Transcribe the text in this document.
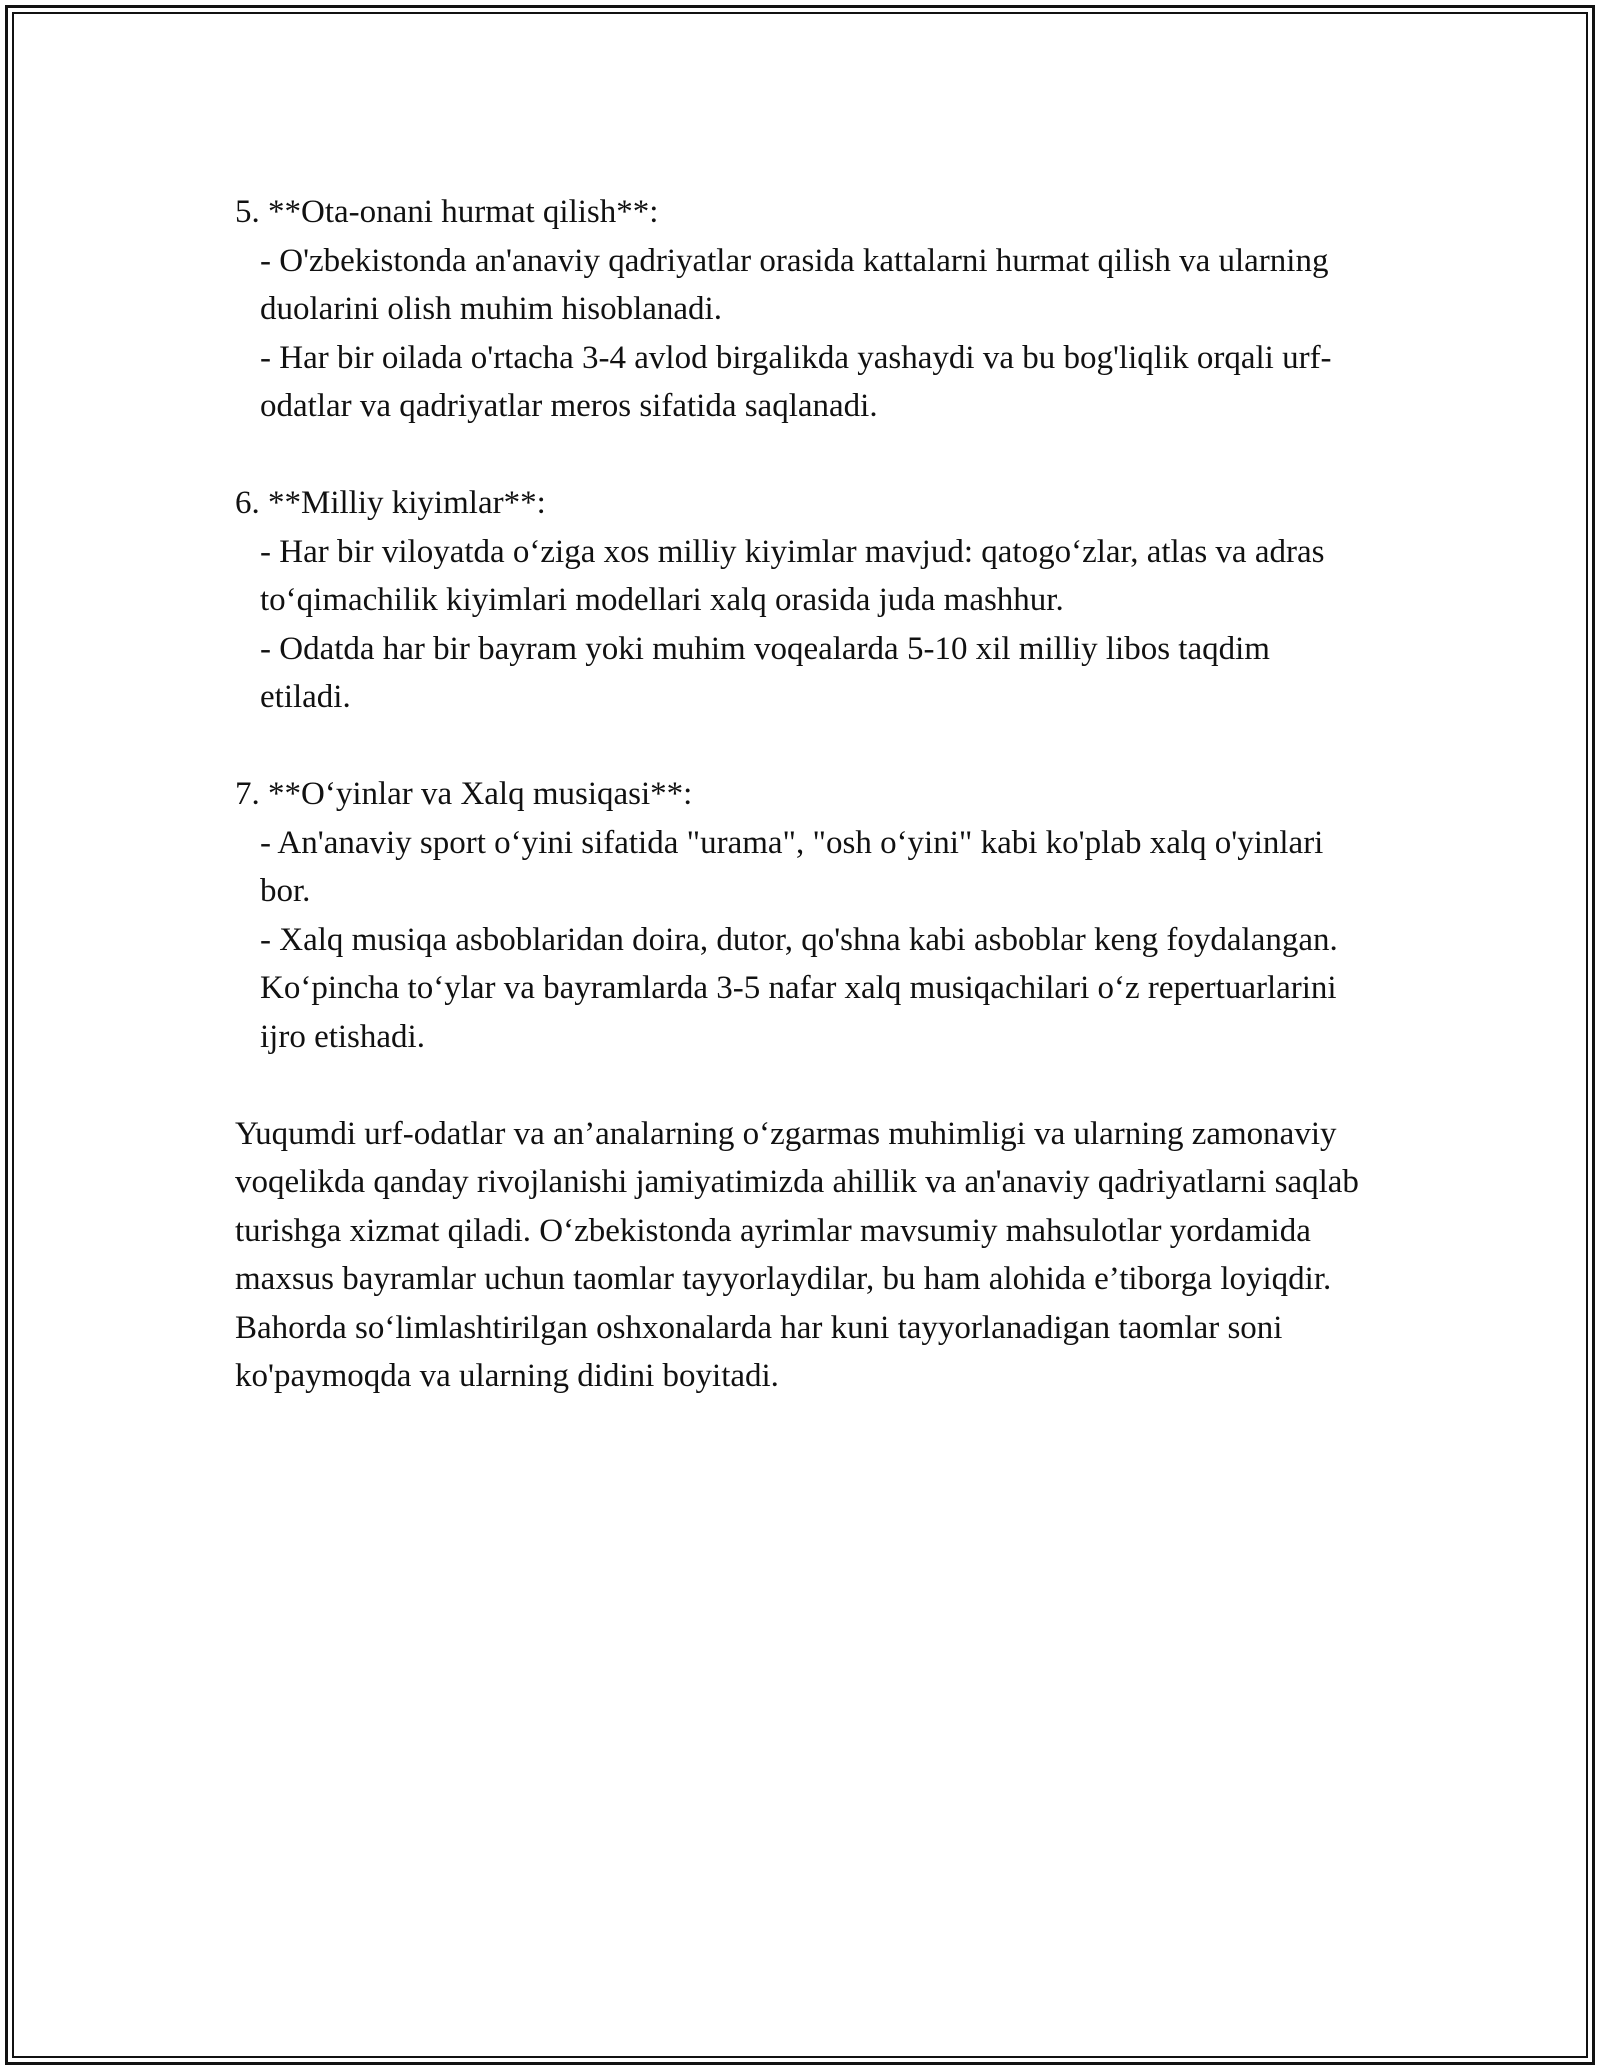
5. **Ota-onani hurmat qilish**:

- O'zbekistonda an'anaviy qadriyatlar orasida kattalarni hurmat qilish va ularning duolarini olish muhim hisoblanadi.

- Har bir oilada o'rtacha 3-4 avlod birgalikda yashaydi va bu bog'liqlik orqali urf-odatlar va qadriyatlar meros sifatida saqlanadi.

6. **Milliy kiyimlar**:

- Har bir viloyatda o‘ziga xos milliy kiyimlar mavjud: qatogo‘zlar, atlas va adras to‘qimachilik kiyimlari modellari xalq orasida juda mashhur.

- Odatda har bir bayram yoki muhim voqealarda 5-10 xil milliy libos taqdim etiladi.

7. **O‘yinlar va Xalq musiqasi**:

- An'anaviy sport o‘yini sifatida "urama", "osh o‘yini" kabi ko'plab xalq o'yinlari bor.

- Xalq musiqa asboblaridan doira, dutor, qo'shna kabi asboblar keng foydalangan. Ko‘pincha to‘ylar va bayramlarda 3-5 nafar xalq musiqachilari o‘z repertuarlarini ijro etishadi.

Yuqumdi urf-odatlar va an’analarning o‘zgarmas muhimligi va ularning zamonaviy voqelikda qanday rivojlanishi jamiyatimizda ahillik va an'anaviy qadriyatlarni saqlab turishga xizmat qiladi. O‘zbekistonda ayrimlar mavsumiy mahsulotlar yordamida maxsus bayramlar uchun taomlar tayyorlaydilar, bu ham alohida e’tiborga loyiqdir. Bahorda so‘limlashtirilgan oshxonalarda har kuni tayyorlanadigan taomlar soni ko'paymoqda va ularning didini boyitadi.
